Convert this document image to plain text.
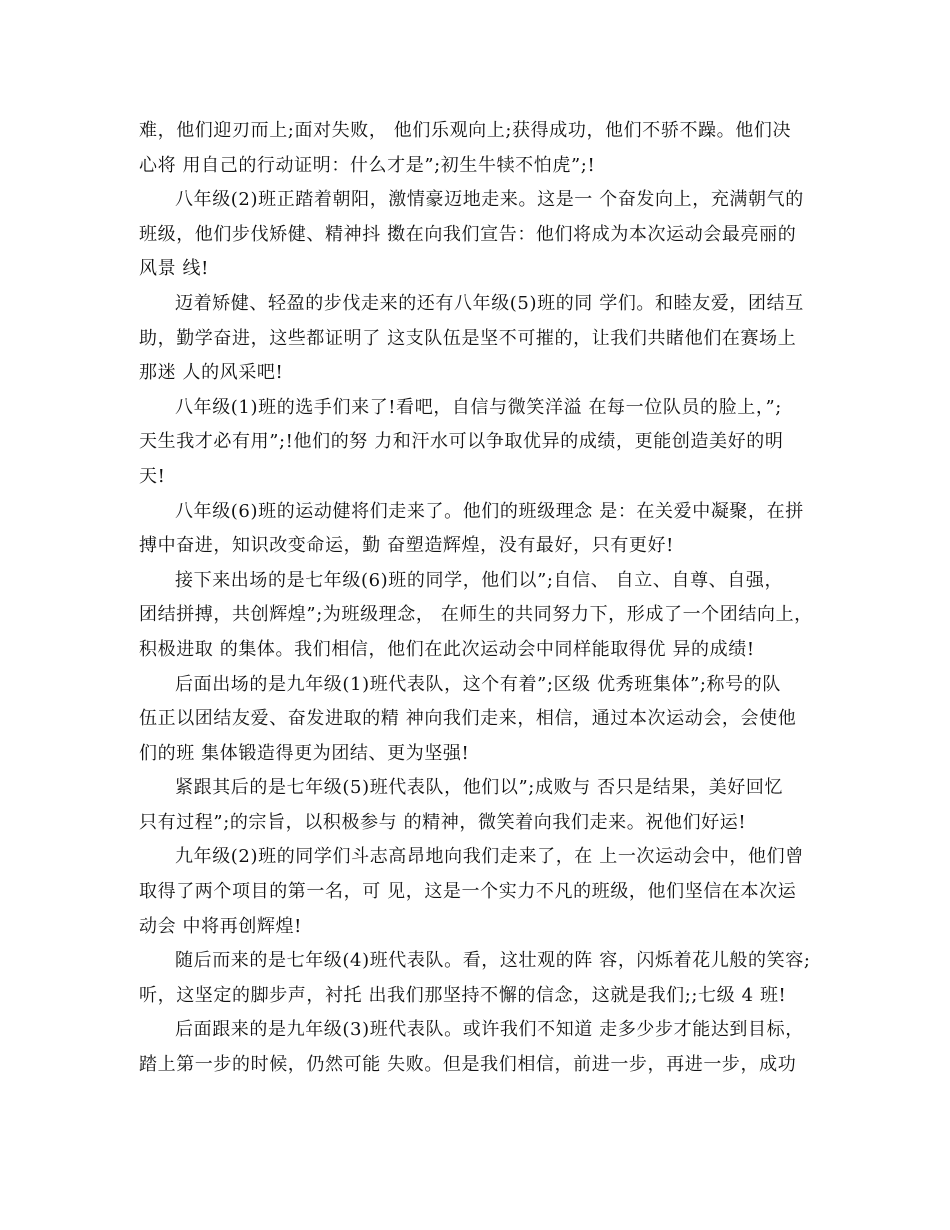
难，他们迎刃而上;面对失败， 他们乐观向上;获得成功，他们不骄不躁。他们决
心将 用自己的行动证明：什么才是”;初生牛犊不怕虎”;!

八年级(2)班正踏着朝阳，激情豪迈地走来。这是一 个奋发向上，充满朝气的
班级，他们步伐矫健、精神抖 擞在向我们宣告：他们将成为本次运动会最亮丽的
风景 线!

迈着矫健、轻盈的步伐走来的还有八年级(5)班的同 学们。和睦友爱，团结互
助，勤学奋进，这些都证明了 这支队伍是坚不可摧的，让我们共睹他们在赛场上
那迷 人的风采吧!

八年级(1)班的选手们来了!看吧，自信与微笑洋溢 在每一位队员的脸上，”;
天生我才必有用”;!他们的努 力和汗水可以争取优异的成绩，更能创造美好的明
天!

八年级(6)班的运动健将们走来了。他们的班级理念 是：在关爱中凝聚，在拼
搏中奋进，知识改变命运，勤 奋塑造辉煌，没有最好，只有更好!

接下来出场的是七年级(6)班的同学，他们以”;自信、 自立、自尊、自强，
团结拼搏，共创辉煌”;为班级理念， 在师生的共同努力下，形成了一个团结向上，
积极进取 的集体。我们相信，他们在此次运动会中同样能取得优 异的成绩!

后面出场的是九年级(1)班代表队，这个有着”;区级 优秀班集体”;称号的队
伍正以团结友爱、奋发进取的精 神向我们走来，相信，通过本次运动会，会使他
们的班 集体锻造得更为团结、更为坚强!

紧跟其后的是七年级(5)班代表队，他们以”;成败与 否只是结果，美好回忆
只有过程”;的宗旨，以积极参与 的精神，微笑着向我们走来。祝他们好运!

九年级(2)班的同学们斗志高昂地向我们走来了，在 上一次运动会中，他们曾
取得了两个项目的第一名，可 见，这是一个实力不凡的班级，他们坚信在本次运
动会 中将再创辉煌!

随后而来的是七年级(4)班代表队。看，这壮观的阵 容，闪烁着花儿般的笑容;
听，这坚定的脚步声，衬托 出我们那坚持不懈的信念，这就是我们;;七级 4 班!

后面跟来的是九年级(3)班代表队。或许我们不知道 走多少步才能达到目标，
踏上第一步的时候，仍然可能 失败。但是我们相信，前进一步，再进一步，成功
